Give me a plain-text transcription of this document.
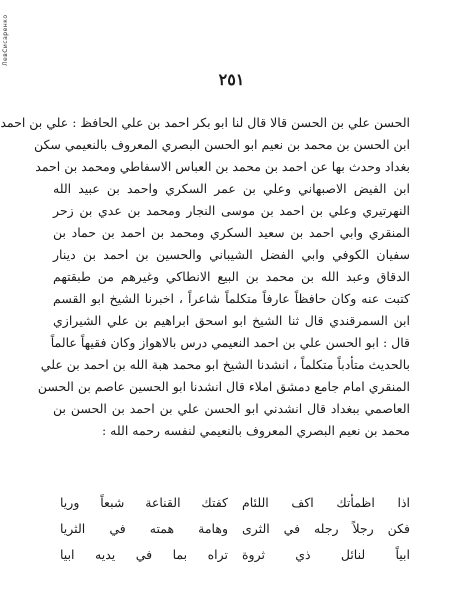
ЛевСисаренко
٢٥١
الحسن علي بن الحسن قالا قال لنا ابو بكر احمد بن علي الحافظ : علي بن احمد
ابن الحسن بن محمد بن نعيم ابو الحسن البصري المعروف بالنعيمي سكن
بغداد وحدث بها عن احمد بن محمد بن العباس الاسفاطي ومحمد بن احمد
ابن الفيض الاصبهاني وعلي بن عمر السكري واحمد بن عبيد الله
النهرتيري وعلي بن احمد بن موسى النجار ومحمد بن عدي بن زحر
المنقري وابي احمد بن سعيد السكري ومحمد بن احمد بن حماد بن
سفيان الكوفي وابي الفضل الشيباني والحسين بن احمد بن دينار
الدقاق وعبد الله بن محمد بن البيع الانطاكي وغيرهم من طبقتهم
كتبت عنه وكان حافظاً عارفاً متكلماً شاعراً ، اخبرنا الشيخ ابو القسم
ابن السمرقندي قال ثنا الشيخ ابو اسحق ابراهيم بن علي الشيرازي
قال : ابو الحسن علي بن احمد النعيمي درس بالاهواز وكان فقيهاً عالماً
بالحديث متأدباً متكلماً ، انشدنا الشيخ ابو محمد هبة الله بن احمد بن علي
المنقري امام جامع دمشق املاء قال انشدنا ابو الحسين عاصم بن الحسن
العاصمي ببغداد قال انشدني ابو الحسن علي بن احمد بن الحسن بن
محمد بن نعيم البصري المعروف بالنعيمي لنفسه رحمه الله :
اذا اظمأتك اكف اللئام
كفتك القناعة شبعاً وريا
فكن رجلاً رجله في الثرى
وهامة همته في الثريا
ابياً لنائل ذي ثروة
تراه بما في يديه ابيا
